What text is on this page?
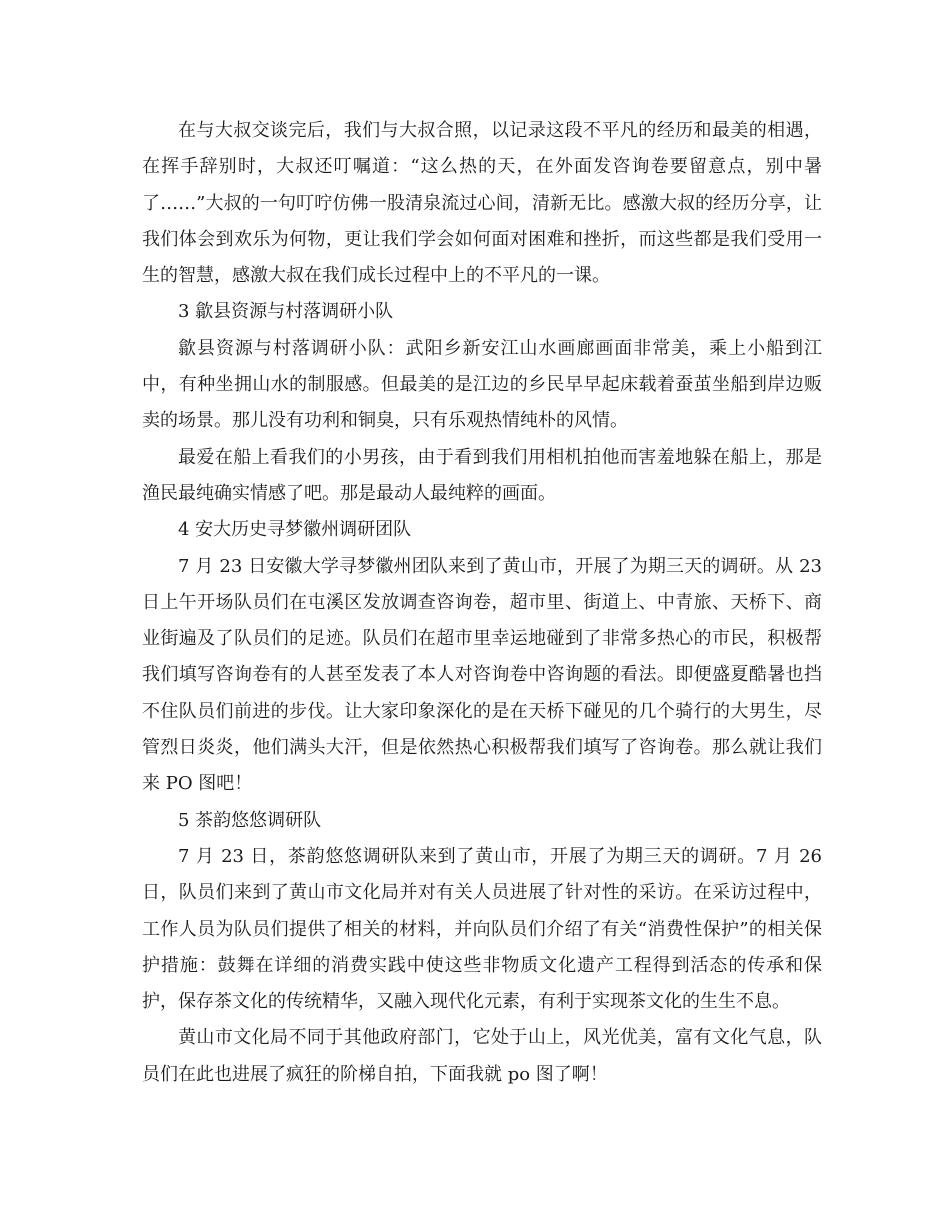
在与大叔交谈完后，我们与大叔合照，以记录这段不平凡的经历和最美的相遇，在挥手辞别时，大叔还叮嘱道：“这么热的天，在外面发咨询卷要留意点，别中暑了……”大叔的一句叮咛仿佛一股清泉流过心间，清新无比。感激大叔的经历分享，让我们体会到欢乐为何物，更让我们学会如何面对困难和挫折，而这些都是我们受用一生的智慧，感激大叔在我们成长过程中上的不平凡的一课。

3 歙县资源与村落调研小队

歙县资源与村落调研小队：武阳乡新安江山水画廊画面非常美，乘上小船到江中，有种坐拥山水的制服感。但最美的是江边的乡民早早起床载着蚕茧坐船到岸边贩卖的场景。那儿没有功利和铜臭，只有乐观热情纯朴的风情。

最爱在船上看我们的小男孩，由于看到我们用相机拍他而害羞地躲在船上，那是渔民最纯确实情感了吧。那是最动人最纯粹的画面。

4 安大历史寻梦徽州调研团队

7 月 23 日安徽大学寻梦徽州团队来到了黄山市，开展了为期三天的调研。从 23 日上午开场队员们在屯溪区发放调查咨询卷，超市里、街道上、中青旅、天桥下、商业街遍及了队员们的足迹。队员们在超市里幸运地碰到了非常多热心的市民，积极帮我们填写咨询卷有的人甚至发表了本人对咨询卷中咨询题的看法。即便盛夏酷暑也挡不住队员们前进的步伐。让大家印象深化的是在天桥下碰见的几个骑行的大男生，尽管烈日炎炎，他们满头大汗，但是依然热心积极帮我们填写了咨询卷。那么就让我们来 PO 图吧！

5 茶韵悠悠调研队

7 月 23 日，茶韵悠悠调研队来到了黄山市，开展了为期三天的调研。7 月 26 日，队员们来到了黄山市文化局并对有关人员进展了针对性的采访。在采访过程中，工作人员为队员们提供了相关的材料，并向队员们介绍了有关“消费性保护”的相关保护措施：鼓舞在详细的消费实践中使这些非物质文化遗产工程得到活态的传承和保护，保存茶文化的传统精华，又融入现代化元素，有利于实现茶文化的生生不息。

黄山市文化局不同于其他政府部门，它处于山上，风光优美，富有文化气息，队员们在此也进展了疯狂的阶梯自拍，下面我就 po 图了啊！
